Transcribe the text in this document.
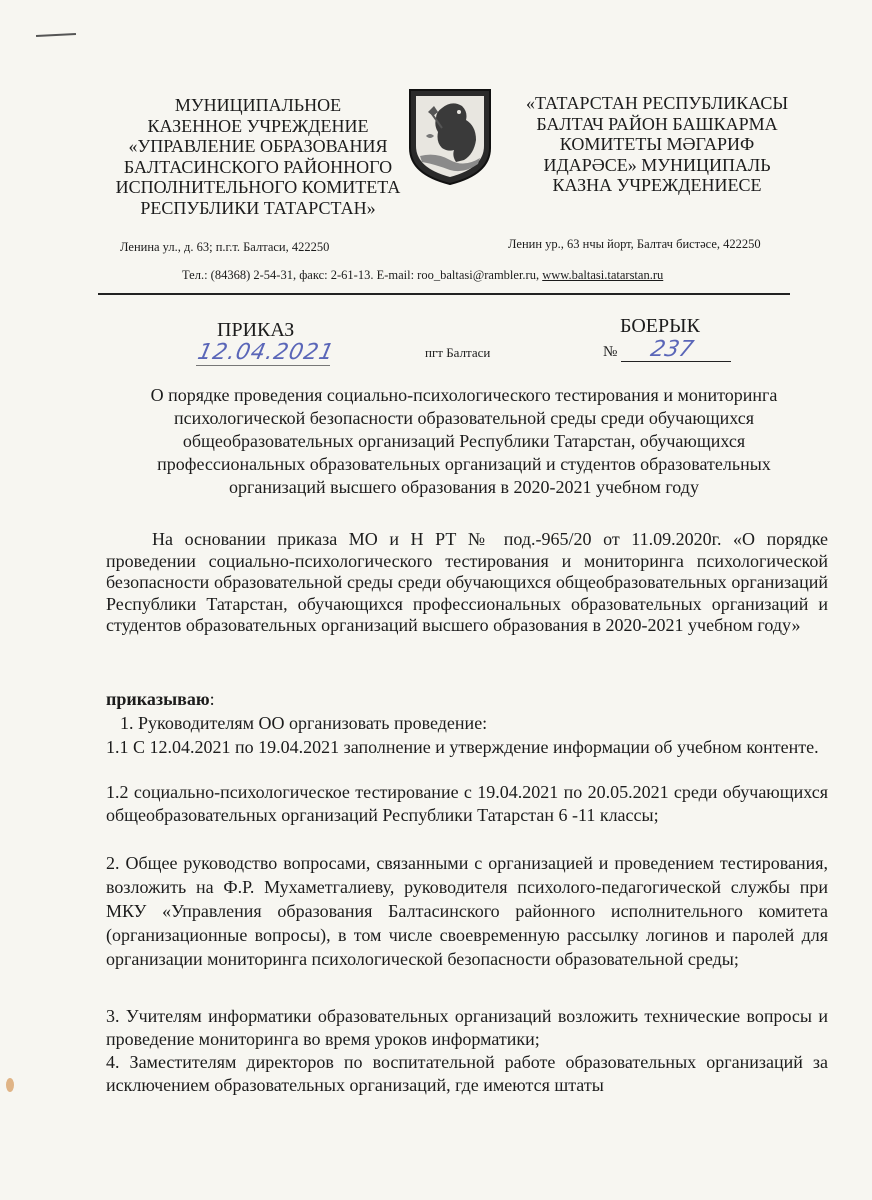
МУНИЦИПАЛЬНОЕ
КАЗЕННОЕ УЧРЕЖДЕНИЕ
«УПРАВЛЕНИЕ ОБРАЗОВАНИЯ
БАЛТАСИНСКОГО РАЙОННОГО
ИСПОЛНИТЕЛЬНОГО КОМИТЕТА
РЕСПУБЛИКИ ТАТАРСТАН»
«ТАТАРСТАН РЕСПУБЛИКАСЫ
БАЛТАЧ РАЙОН БАШКАРМА
КОМИТЕТЫ МӘГАРИФ
ИДАРӘСЕ» МУНИЦИПАЛЬ
КАЗНА УЧРЕЖДЕНИЕСЕ
Ленина ул., д. 63; п.г.т. Балтаси, 422250	Ленин ур., 63 нчы йорт, Балтач бистәсе, 422250
Тел.: (84368) 2-54-31, факс: 2-61-13. E-mail: roo_baltasi@rambler.ru, www.baltasi.tatarstan.ru
ПРИКАЗ	БОЕРЫК
12.04.2021	пгт Балтаси	№ 237
О порядке проведения социально-психологического тестирования и мониторинга
психологической безопасности образовательной среды среди обучающихся
общеобразовательных организаций Республики Татарстан, обучающихся
профессиональных образовательных организаций и студентов образовательных
организаций высшего образования в 2020-2021 учебном году
На основании приказа МО и Н РТ № под.-965/20 от 11.09.2020г. «О порядке проведении социально-психологического тестирования и мониторинга психологической безопасности образовательной среды среди обучающихся общеобразовательных организаций Республики Татарстан, обучающихся профессиональных образовательных организаций и студентов образовательных организаций высшего образования в 2020-2021 учебном году»
приказываю:
1. Руководителям ОО организовать проведение:
1.1 С 12.04.2021 по 19.04.2021 заполнение и утверждение информации об учебном контенте.
1.2 социально-психологическое тестирование с 19.04.2021 по 20.05.2021 среди обучающихся общеобразовательных организаций Республики Татарстан 6 -11 классы;
2. Общее руководство вопросами, связанными с организацией и проведением тестирования, возложить на Ф.Р. Мухаметгалиеву, руководителя психолого-педагогической службы при МКУ «Управления образования Балтасинского районного исполнительного комитета (организационные вопросы), в том числе своевременную рассылку логинов и паролей для организации мониторинга психологической безопасности образовательной среды;
3. Учителям информатики образовательных организаций возложить технические вопросы и проведение мониторинга во время уроков информатики;
4. Заместителям директоров по воспитательной работе образовательных организаций за исключением образовательных организаций, где имеются штаты
